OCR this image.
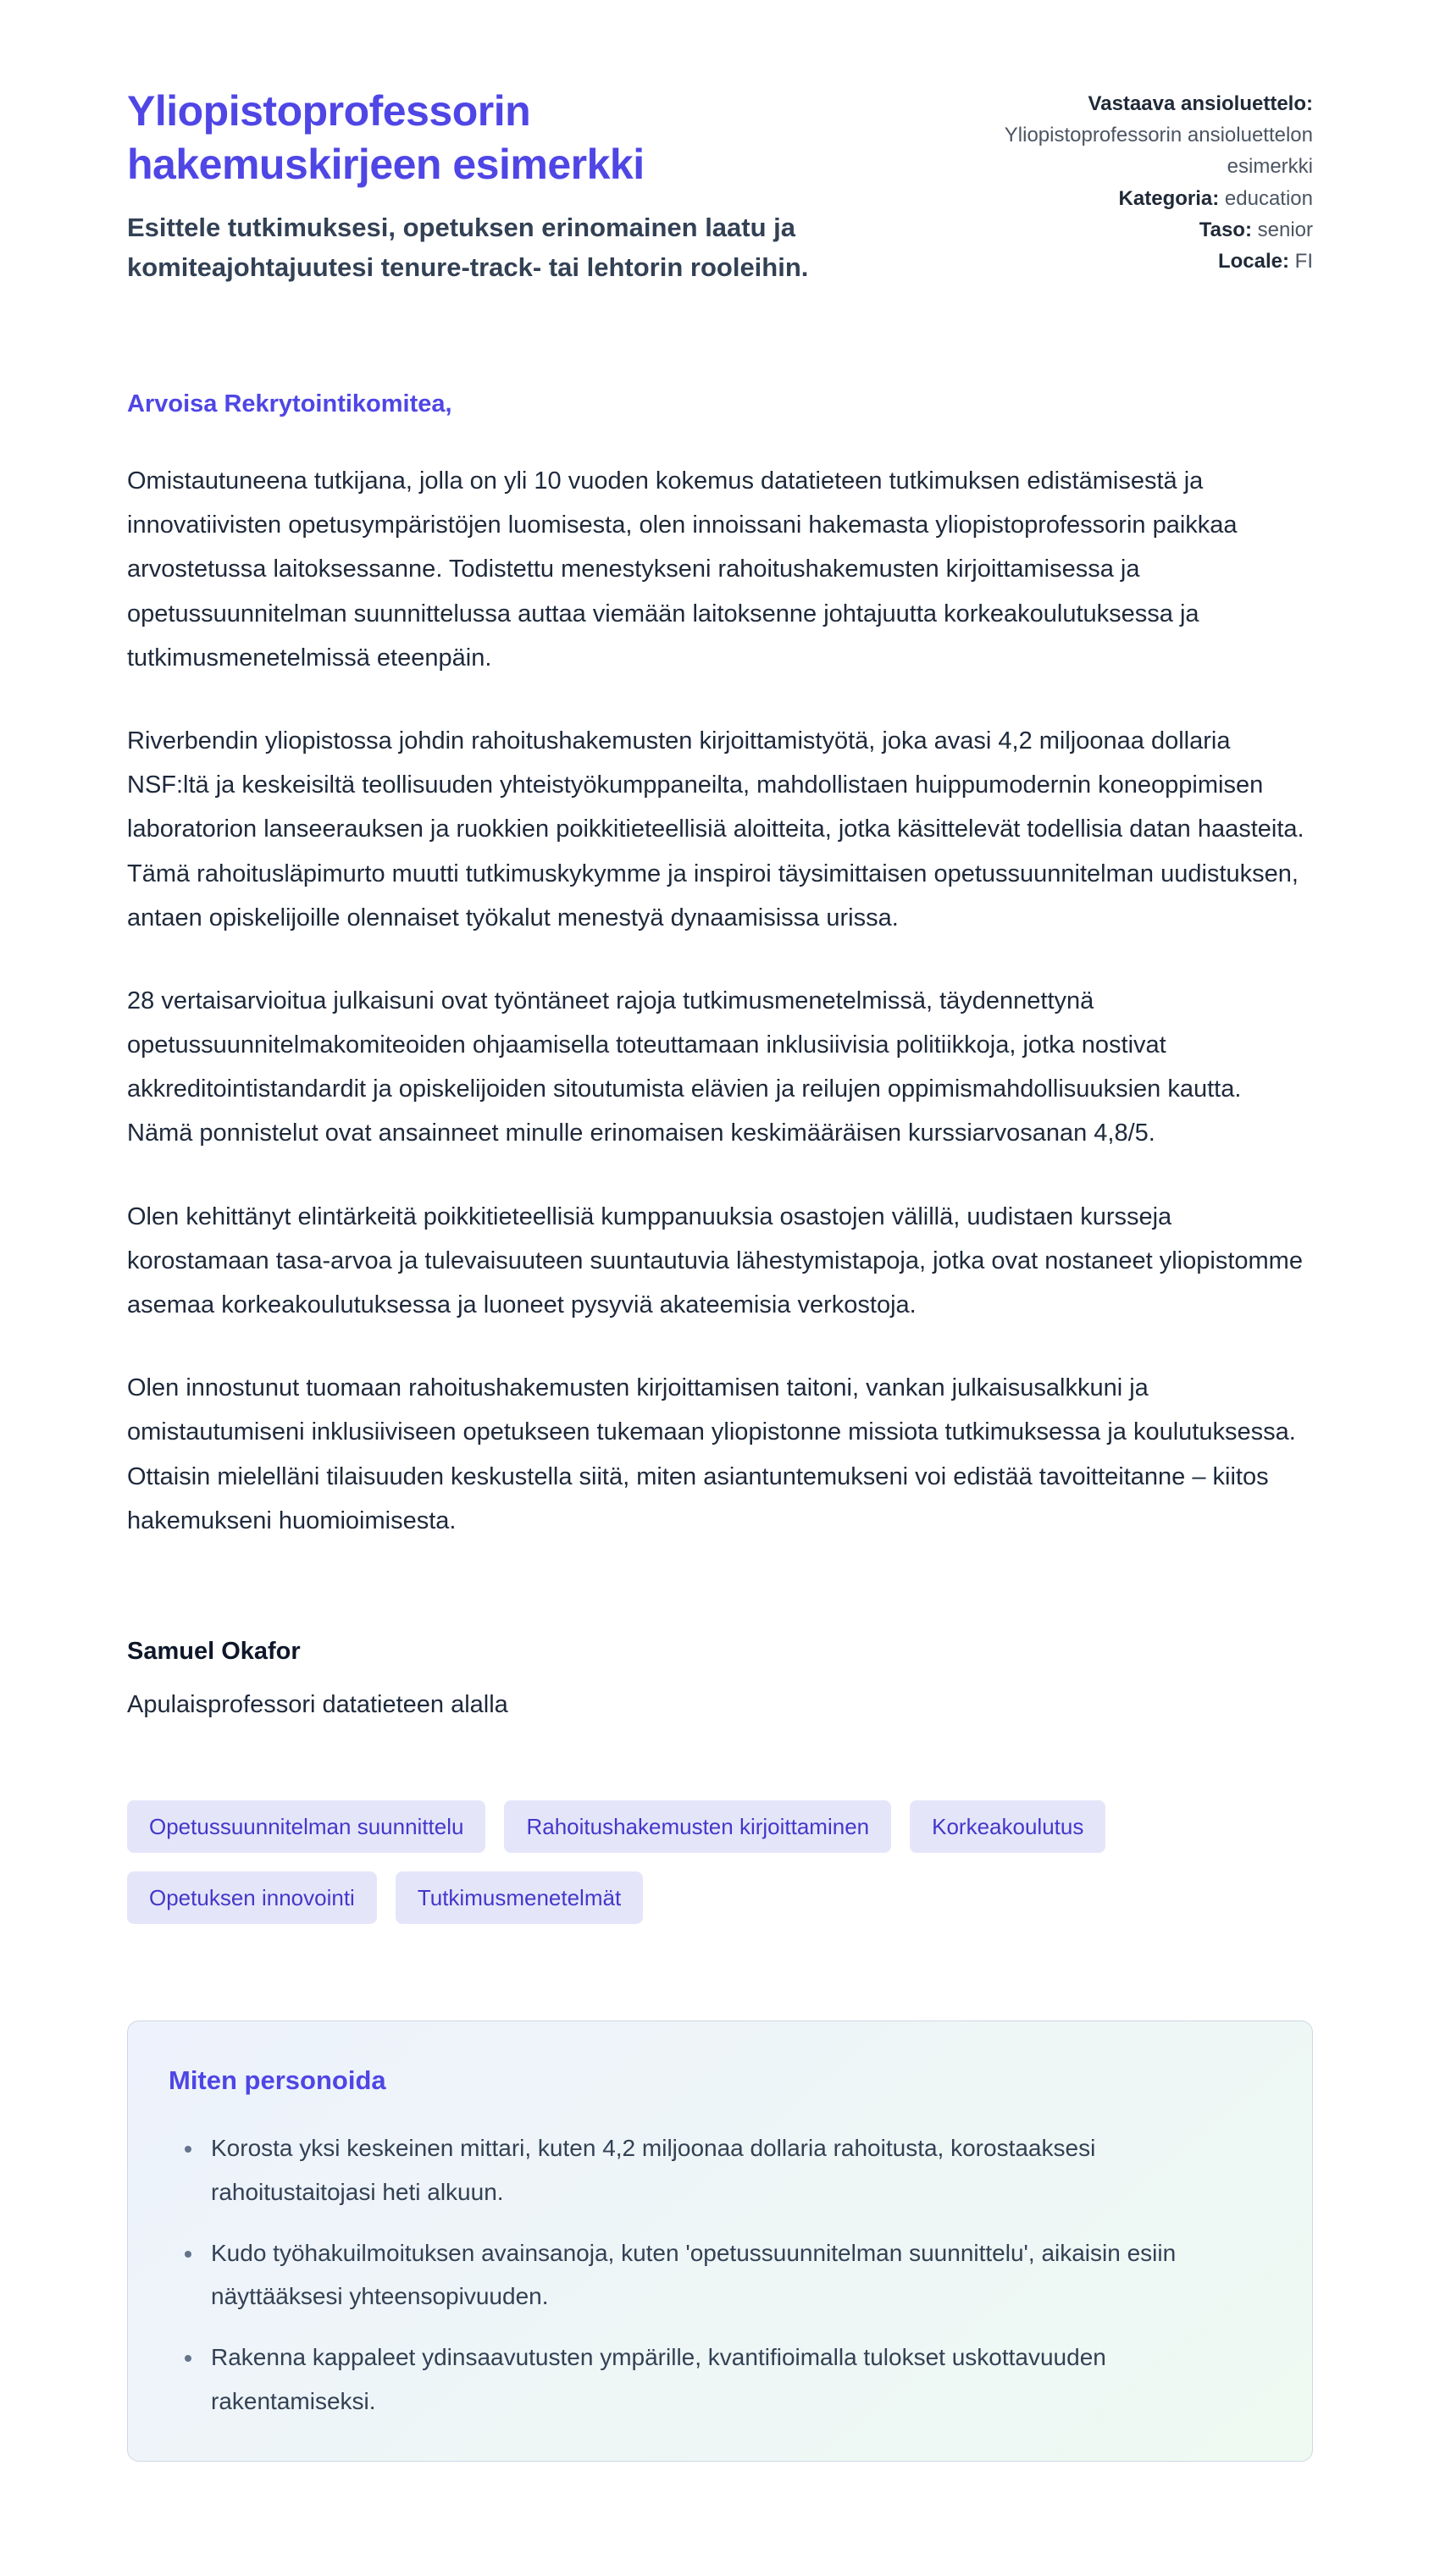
Yliopistoprofessorin hakemuskirjeen esimerkki

Esittele tutkimuksesi, opetuksen erinomainen laatu ja komiteajohtajuutesi tenure-track- tai lehtorin rooleihin.

Vastaava ansioluettelo:
Yliopistoprofessorin ansioluettelon esimerkki
Kategoria: education
Taso: senior
Locale: FI

Arvoisa Rekrytointikomitea,

Omistautuneena tutkijana, jolla on yli 10 vuoden kokemus datatieteen tutkimuksen edistämisestä ja innovatiivisten opetusympäristöjen luomisesta, olen innoissani hakemasta yliopistoprofessorin paikkaa arvostetussa laitoksessanne. Todistettu menestykseni rahoitushakemusten kirjoittamisessa ja opetussuunnitelman suunnittelussa auttaa viemään laitoksenne johtajuutta korkeakoulutuksessa ja tutkimusmenetelmissä eteenpäin.

Riverbendin yliopistossa johdin rahoitushakemusten kirjoittamistyötä, joka avasi 4,2 miljoonaa dollaria NSF:ltä ja keskeisiltä teollisuuden yhteistyökumppaneilta, mahdollistaen huippumodernin koneoppimisen laboratorion lanseerauksen ja ruokkien poikkitieteellisiä aloitteita, jotka käsittelevät todellisia datan haasteita. Tämä rahoitusläpimurto muutti tutkimuskykymme ja inspiroi täysimittaisen opetussuunnitelman uudistuksen, antaen opiskelijoille olennaiset työkalut menestyä dynaamisissa urissa.

28 vertaisarvioitua julkaisuni ovat työntäneet rajoja tutkimusmenetelmissä, täydennettynä opetussuunnitelmakomiteoiden ohjaamisella toteuttamaan inklusiivisia politiikkoja, jotka nostivat akkreditointistandardit ja opiskelijoiden sitoutumista elävien ja reilujen oppimismahdollisuuksien kautta. Nämä ponnistelut ovat ansainneet minulle erinomaisen keskimääräisen kurssiarvosanan 4,8/5.

Olen kehittänyt elintärkeitä poikkitieteellisiä kumppanuuksia osastojen välillä, uudistaen kursseja korostamaan tasa-arvoa ja tulevaisuuteen suuntautuvia lähestymistapoja, jotka ovat nostaneet yliopistomme asemaa korkeakoulutuksessa ja luoneet pysyviä akateemisia verkostoja.

Olen innostunut tuomaan rahoitushakemusten kirjoittamisen taitoni, vankan julkaisusalkkuni ja omistautumiseni inklusiiviseen opetukseen tukemaan yliopistonne missiota tutkimuksessa ja koulutuksessa. Ottaisin mielelläni tilaisuuden keskustella siitä, miten asiantuntemukseni voi edistää tavoitteitanne – kiitos hakemukseni huomioimisesta.

Samuel Okafor

Apulaisprofessori datatieteen alalla

Opetussuunnitelman suunnittelu	Rahoitushakemusten kirjoittaminen	Korkeakoulutus
Opetuksen innovointi	Tutkimusmenetelmät
Miten personoida
• Korosta yksi keskeinen mittari, kuten 4,2 miljoonaa dollaria rahoitusta, korostaaksesi rahoitustaitojasi heti alkuun.
• Kudo työhakuilmoituksen avainsanoja, kuten 'opetussuunnitelman suunnittelu', aikaisin esiin näyttääksesi yhteensopivuuden.
• Rakenna kappaleet ydinsaavutusten ympärille, kvantifioimalla tulokset uskottavuuden rakentamiseksi.
